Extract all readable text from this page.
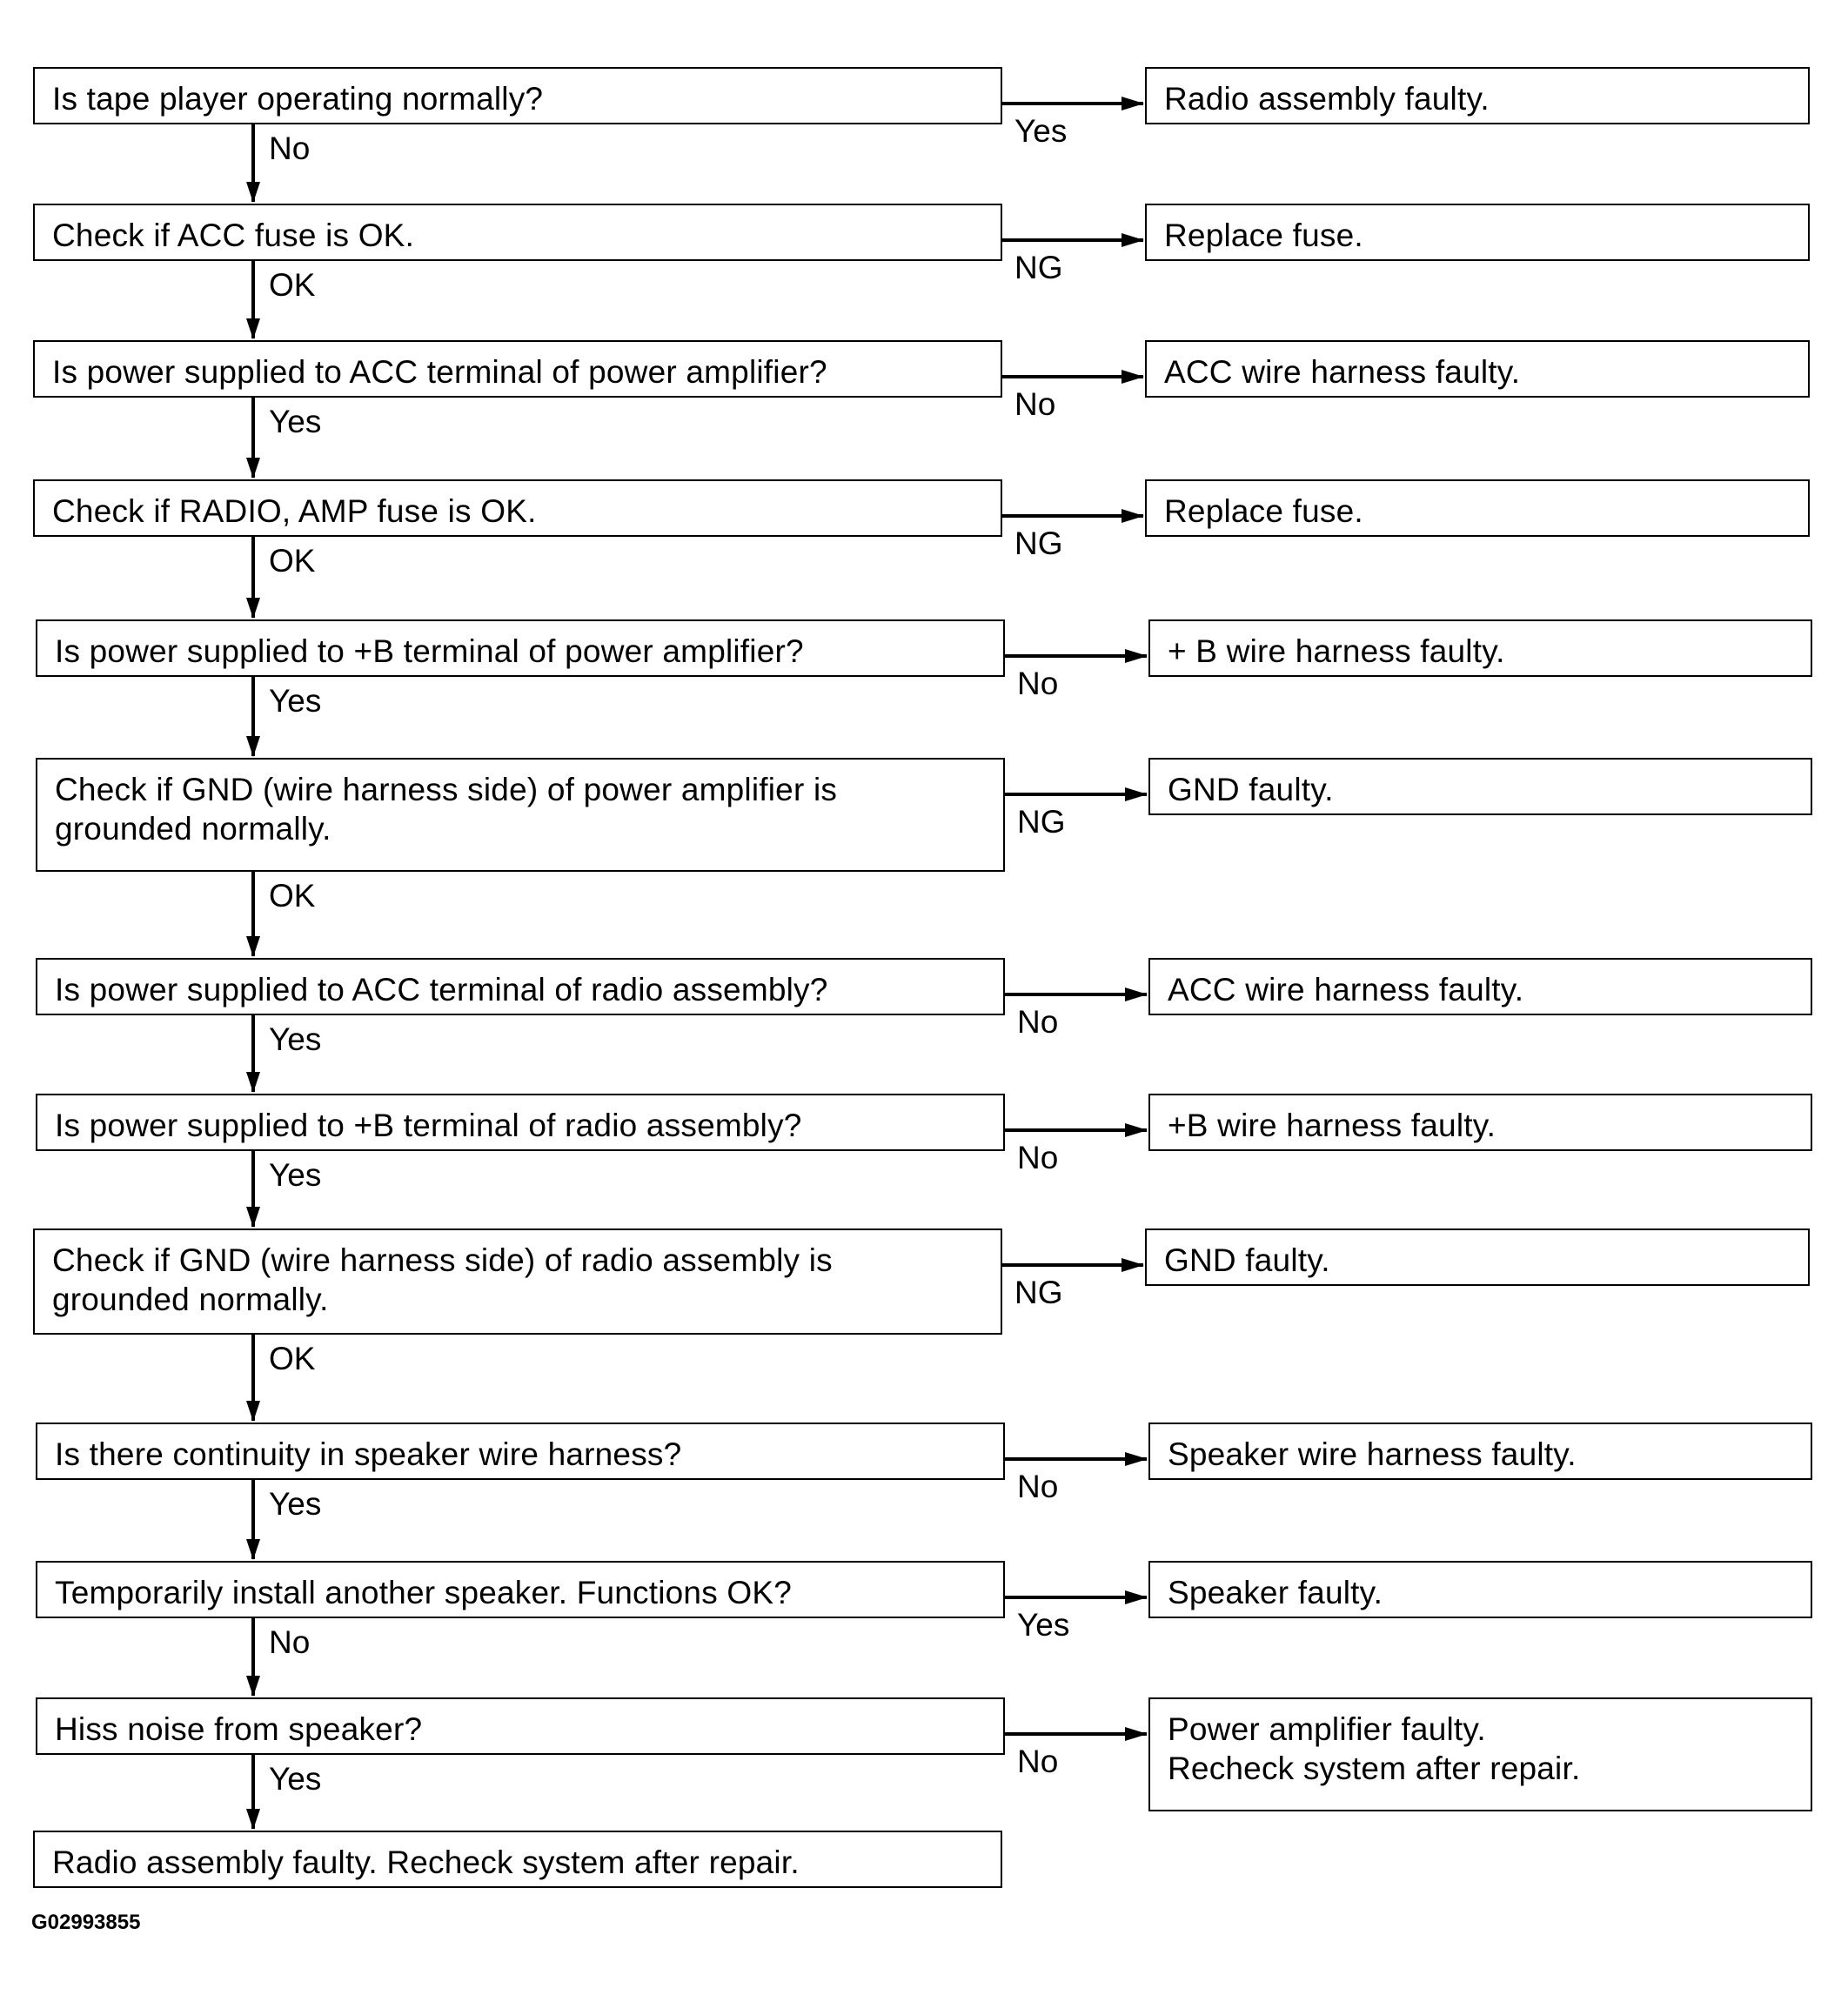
Is tape player operating normally?	Radio assembly faulty.
Yes
No
Check if ACC fuse is OK.	Replace fuse.
NG
OK
Is power supplied to ACC terminal of power amplifier?	ACC wire harness faulty.
No
Yes
Check if RADIO, AMP fuse is OK.	Replace fuse.
NG
OK
Is power supplied to +B terminal of power amplifier?	+ B wire harness faulty.
No
Yes
Check if GND (wire harness side) of power amplifier is
grounded normally.
GND faulty.
NG
OK
Is power supplied to ACC terminal of radio assembly?	ACC wire harness faulty.
No
Yes
Is power supplied to +B terminal of radio assembly?	+B wire harness faulty.
No
Yes
Check if GND (wire harness side) of radio assembly is
grounded normally.
GND faulty.
NG
OK
Is there continuity in speaker wire harness?	Speaker wire harness faulty.
No
Yes
Temporarily install another speaker. Functions OK?	Speaker faulty.
Yes
No
Hiss noise from speaker?	Power amplifier faulty.
Recheck system after repair.
No
Yes
Radio assembly faulty. Recheck system after repair.
G02993855
